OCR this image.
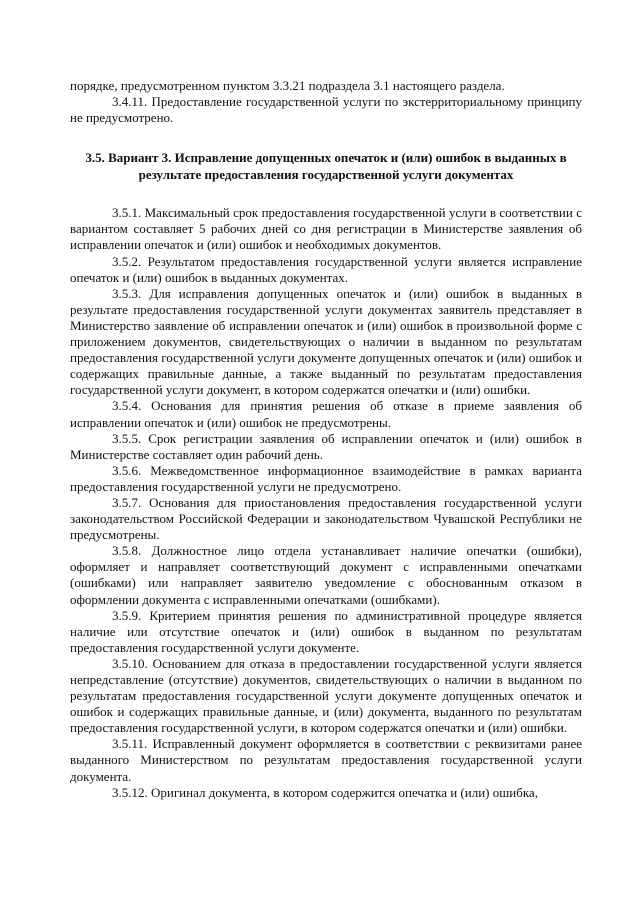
порядке, предусмотренном пунктом 3.3.21 подраздела 3.1 настоящего раздела.

3.4.11. Предоставление государственной услуги по экстерриториальному принципу не предусмотрено.

3.5. Вариант 3. Исправление допущенных опечаток и (или) ошибок в выданных в результате предоставления государственной услуги документах

3.5.1. Максимальный срок предоставления государственной услуги в соответствии с вариантом составляет 5 рабочих дней со дня регистрации в Министерстве заявления об исправлении опечаток и (или) ошибок и необходимых документов.

3.5.2. Результатом предоставления государственной услуги является исправление опечаток и (или) ошибок в выданных документах.

3.5.3. Для исправления допущенных опечаток и (или) ошибок в выданных в результате предоставления государственной услуги документах заявитель представляет в Министерство заявление об исправлении опечаток и (или) ошибок в произвольной форме с приложением документов, свидетельствующих о наличии в выданном по результатам предоставления государственной услуги документе допущенных опечаток и (или) ошибок и содержащих правильные данные, а также выданный по результатам предоставления государственной услуги документ, в котором содержатся опечатки и (или) ошибки.

3.5.4. Основания для принятия решения об отказе в приеме заявления об исправлении опечаток и (или) ошибок не предусмотрены.

3.5.5. Срок регистрации заявления об исправлении опечаток и (или) ошибок в Министерстве составляет один рабочий день.

3.5.6. Межведомственное информационное взаимодействие в рамках варианта предоставления государственной услуги не предусмотрено.

3.5.7. Основания для приостановления предоставления государственной услуги законодательством Российской Федерации и законодательством Чувашской Республики не предусмотрены.

3.5.8. Должностное лицо отдела устанавливает наличие опечатки (ошибки), оформляет и направляет соответствующий документ с исправленными опечатками (ошибками) или направляет заявителю уведомление с обоснованным отказом в оформлении документа с исправленными опечатками (ошибками).

3.5.9. Критерием принятия решения по административной процедуре является наличие или отсутствие опечаток и (или) ошибок в выданном по результатам предоставления государственной услуги документе.

3.5.10. Основанием для отказа в предоставлении государственной услуги является непредставление (отсутствие) документов, свидетельствующих о наличии в выданном по результатам предоставления государственной услуги документе допущенных опечаток и ошибок и содержащих правильные данные, и (или) документа, выданного по результатам предоставления государственной услуги, в котором содержатся опечатки и (или) ошибки.

3.5.11. Исправленный документ оформляется в соответствии с реквизитами ранее выданного Министерством по результатам предоставления государственной услуги документа.

3.5.12. Оригинал документа, в котором содержится опечатка и (или) ошибка,
